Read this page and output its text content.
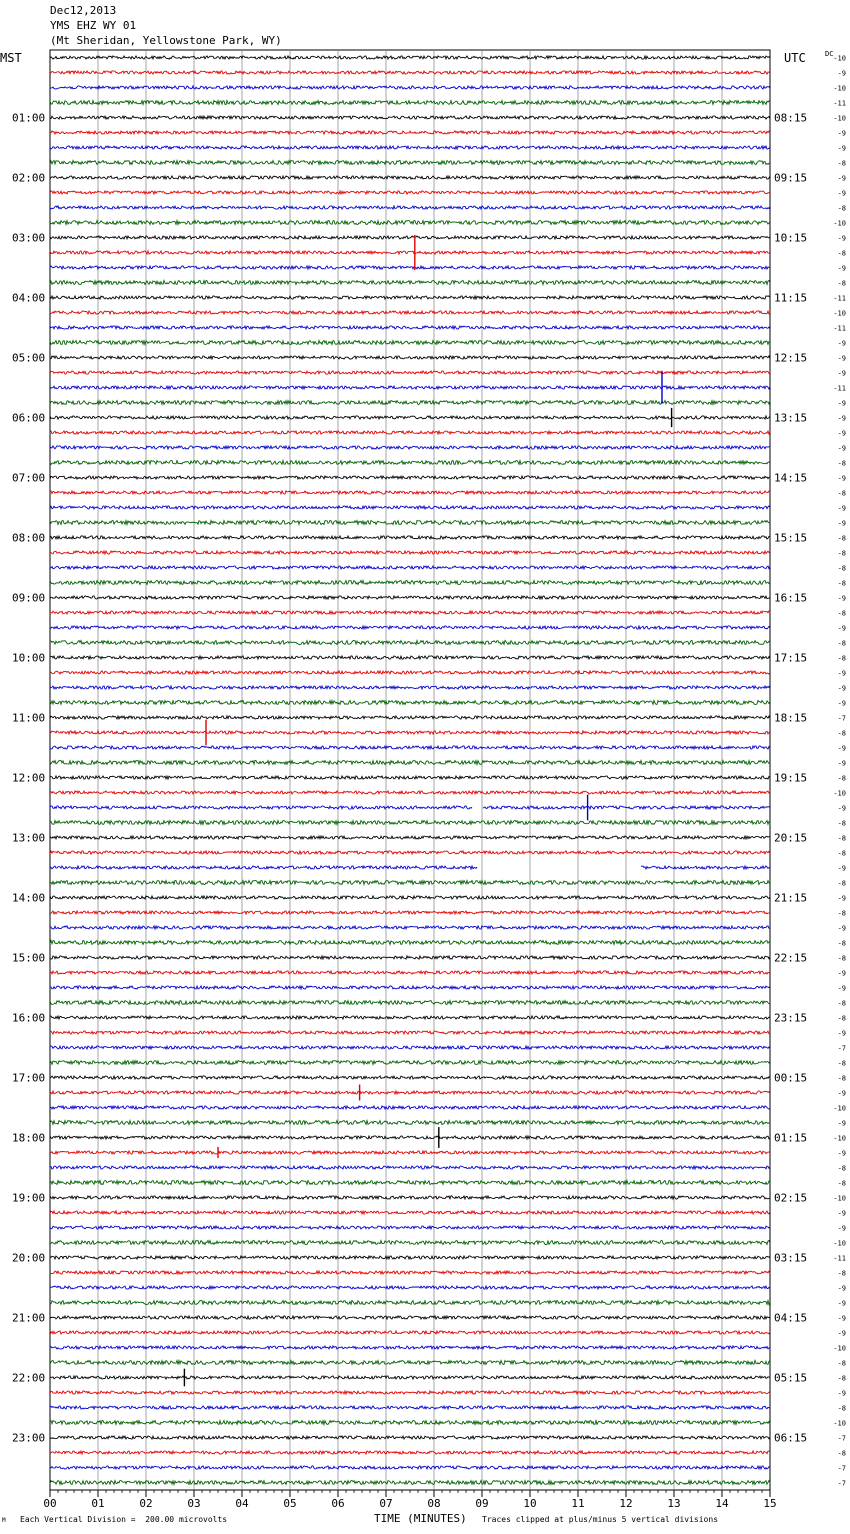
Dec12,2013
YMS EHZ WY 01
(Mt Sheridan, Yellowstone Park, WY)
MST	UTC	DC
01:00	08:15
02:00	09:15
03:00	10:15
04:00	11:15
05:00	12:15
06:00	13:15
07:00	14:15
08:00	15:15
09:00	16:15
10:00	17:15
11:00	18:15
12:00	19:15
13:00	20:15
14:00	21:15
15:00	22:15
16:00	23:15
17:00	00:15
18:00	01:15
19:00	02:15
20:00	03:15
21:00	04:15
22:00	05:15
23:00	06:15
-10
-9
-10
-11
-10
-9
-9
-8
-9
-9
-8
-10
-9
-8
-9
-8
-11
-10
-11
-9
-9
-9
-11
-9
-9
-9
-9
-8
-9
-8
-9
-9
-8
-8
-8
-8
-9
-8
-9
-8
-8
-9
-9
-9
-7
-8
-9
-9
-8
-10
-9
-8
-8
-8
-9
-8
-9
-8
-9
-8
-8
-9
-9
-8
-8
-9
-7
-8
-8
-9
-10
-9
-10
-9
-8
-8
-10
-9
-9
-10
-11
-8
-9
-9
-9
-9
-10
-8
-8
-9
-8
-10
-7
-8
-7
-7
00	01	02	03	04	05	06	07	08	09	10	11	12	13	14	15
M Each Vertical Division =  200.00 microvolts	TIME (MINUTES) Traces clipped at plus/minus 5 vertical divisions
